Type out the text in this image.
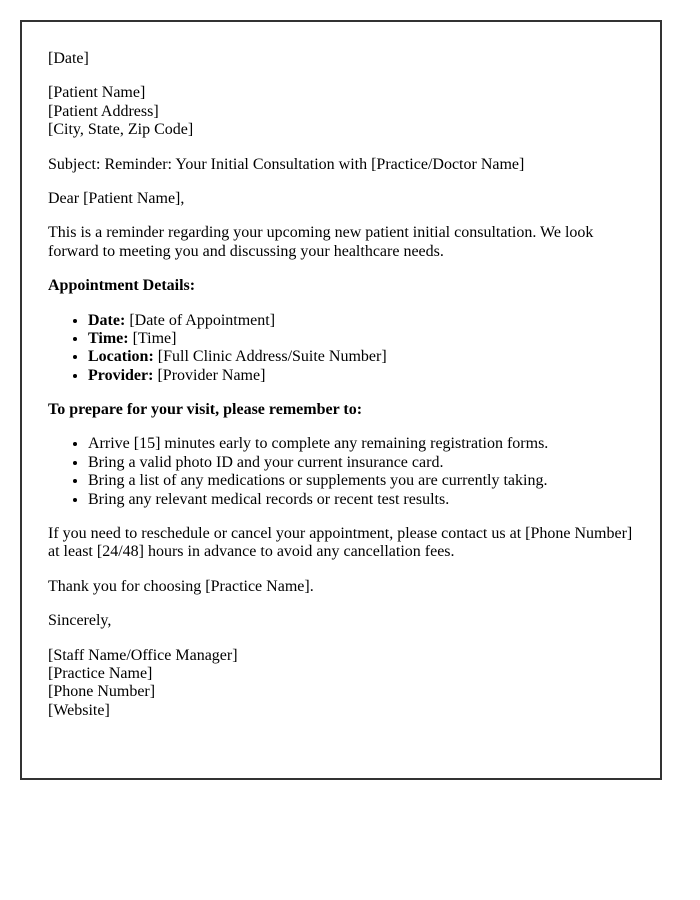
[Date]

[Patient Name]
[Patient Address]
[City, State, Zip Code]

Subject: Reminder: Your Initial Consultation with [Practice/Doctor Name]

Dear [Patient Name],

This is a reminder regarding your upcoming new patient initial consultation. We look forward to meeting you and discussing your healthcare needs.

Appointment Details:

• Date: [Date of Appointment]
• Time: [Time]
• Location: [Full Clinic Address/Suite Number]
• Provider: [Provider Name]

To prepare for your visit, please remember to:

• Arrive [15] minutes early to complete any remaining registration forms.
• Bring a valid photo ID and your current insurance card.
• Bring a list of any medications or supplements you are currently taking.
• Bring any relevant medical records or recent test results.

If you need to reschedule or cancel your appointment, please contact us at [Phone Number] at least [24/48] hours in advance to avoid any cancellation fees.

Thank you for choosing [Practice Name].

Sincerely,

[Staff Name/Office Manager]
[Practice Name]
[Phone Number]
[Website]
